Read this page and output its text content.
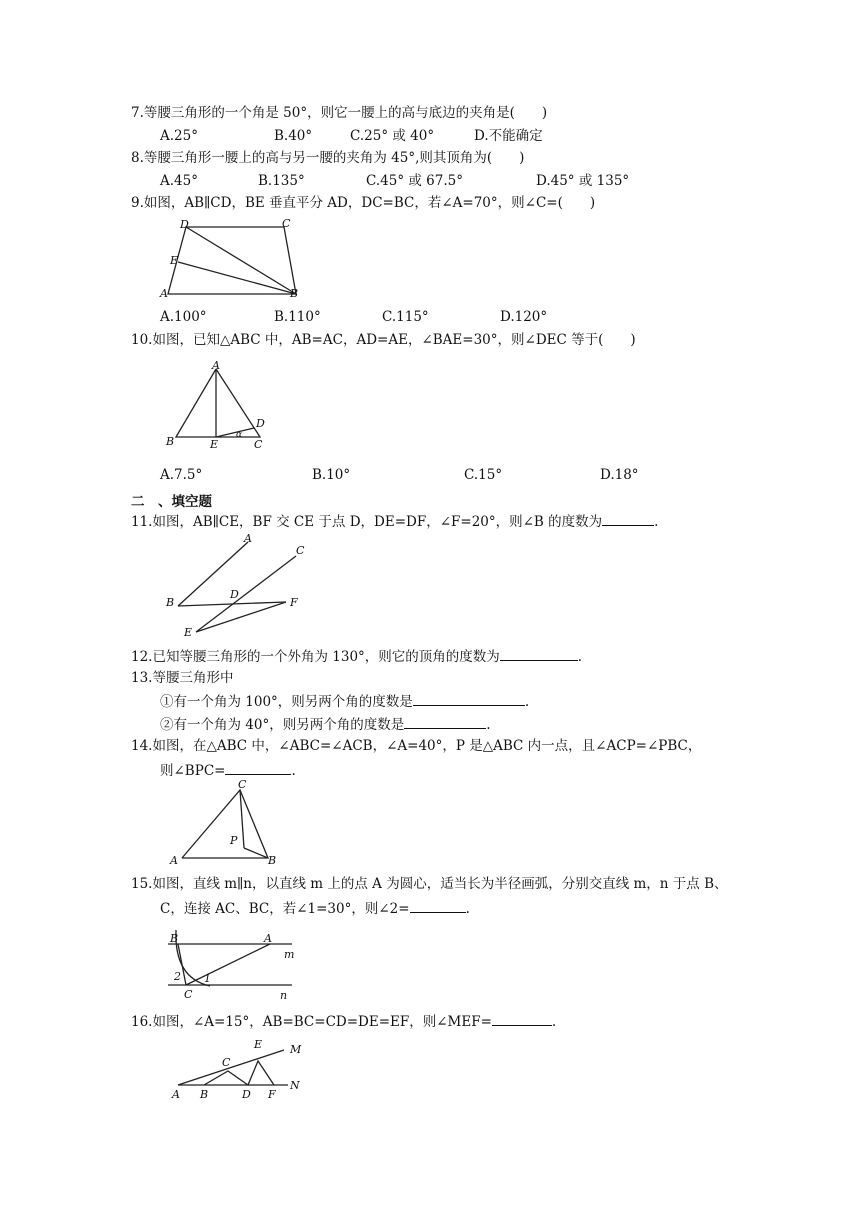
7.等腰三角形的一个角是 50°，则它一腰上的高与底边的夹角是(　　)
A.25°	B.40°	C.25° 或 40°	D.不能确定
8.等腰三角形一腰上的高与另一腰的夹角为 45°,则其顶角为(　　)
A.45°	B.135°	C.45° 或 67.5°	D.45° 或 135°
9.如图，AB∥CD，BE 垂直平分 AD，DC=BC，若∠A=70°，则∠C=(　　)
D	C
E
A	B
A.100°	B.110°	C.115°	D.120°
10.如图，已知△ABC 中，AB=AC，AD=AE，∠BAE=30°，则∠DEC 等于(　　)
A
B	E	C
D
α
A.7.5°	B.10°	C.15°	D.18°
二　、填空题
11.如图，AB∥CE，BF 交 CE 于点 D，DE=DF，∠F=20°，则∠B 的度数为	.
A
C
B
D
F
E
12.已知等腰三角形的一个外角为 130°，则它的顶角的度数为	.
13.等腰三角形中
①有一个角为 100°，则另两个角的度数是	.
②有一个角为 40°，则另两个角的度数是	.
14.如图，在△ABC 中，∠ABC=∠ACB，∠A=40°，P 是△ABC 内一点，且∠ACP=∠PBC，
则∠BPC=	.
C
P
A	B
15.如图，直线 m∥n，以直线 m 上的点 A 为圆心，适当长为半径画弧，分别交直线 m，n 于点 B、
C，连接 AC、BC，若∠1=30°，则∠2=	.
B	A
m
2 1
C	n
16.如图，∠A=15°，AB=BC=CD=DE=EF，则∠MEF=	.
E	M
C
N
A B	D F
